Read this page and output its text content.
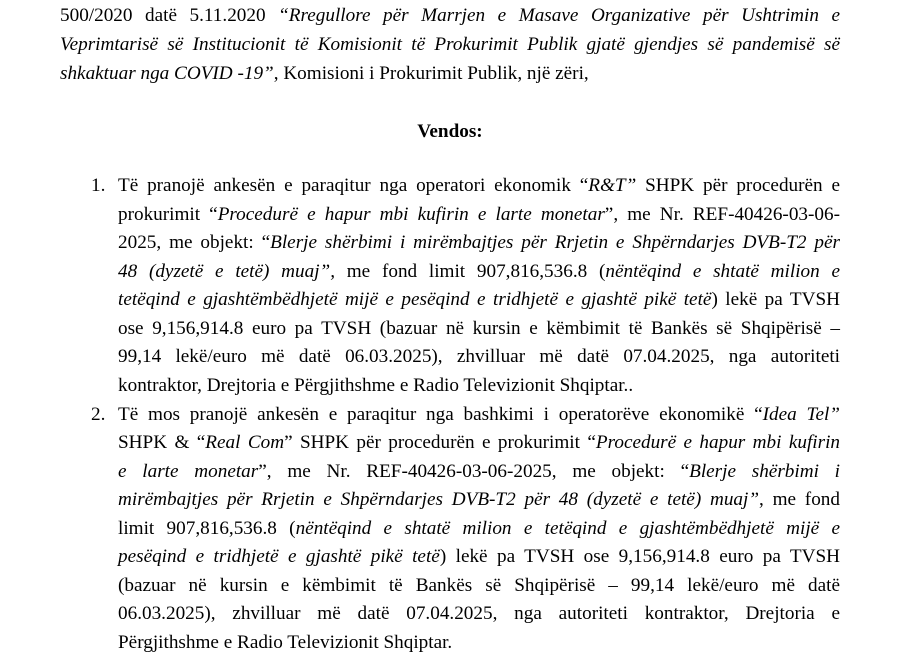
500/2020 datë 5.11.2020 “Rregullore për Marrjen e Masave Organizative për Ushtrimin e
Veprimtarisë së Institucionit të Komisionit të Prokurimit Publik gjatë gjendjes së pandemisë së
shkaktuar nga COVID -19”, Komisioni i Prokurimit Publik, një zëri,
Vendos:
1. Të pranojë ankesën e paraqitur nga operatori ekonomik “R&T” SHPK për procedurën e
prokurimit “Procedurë e hapur mbi kufirin e larte monetar”, me Nr. REF-40426-03-06-
2025, me objekt: “Blerje shërbimi i mirëmbajtjes për Rrjetin e Shpërndarjes DVB-T2 për
48 (dyzetë e tetë) muaj”, me fond limit 907,816,536.8 (nëntëqind e shtatë milion e
tetëqind e gjashtëmbëdhjetë mijë e pesëqind e tridhjetë e gjashtë pikë tetë) lekë pa TVSH
ose 9,156,914.8 euro pa TVSH (bazuar në kursin e këmbimit të Bankës së Shqipërisë –
99,14 lekë/euro më datë 06.03.2025), zhvilluar më datë 07.04.2025, nga autoriteti
kontraktor, Drejtoria e Përgjithshme e Radio Televizionit Shqiptar..
2. Të mos pranojë ankesën e paraqitur nga bashkimi i operatorëve ekonomikë “Idea Tel”
SHPK & “Real Com” SHPK për procedurën e prokurimit “Procedurë e hapur mbi kufirin
e larte monetar”, me Nr. REF-40426-03-06-2025, me objekt: “Blerje shërbimi i
mirëmbajtjes për Rrjetin e Shpërndarjes DVB-T2 për 48 (dyzetë e tetë) muaj”, me fond
limit 907,816,536.8 (nëntëqind e shtatë milion e tetëqind e gjashtëmbëdhjetë mijë e
pesëqind e tridhjetë e gjashtë pikë tetë) lekë pa TVSH ose 9,156,914.8 euro pa TVSH
(bazuar në kursin e këmbimit të Bankës së Shqipërisë – 99,14 lekë/euro më datë
06.03.2025), zhvilluar më datë 07.04.2025, nga autoriteti kontraktor, Drejtoria e
Përgjithshme e Radio Televizionit Shqiptar.
